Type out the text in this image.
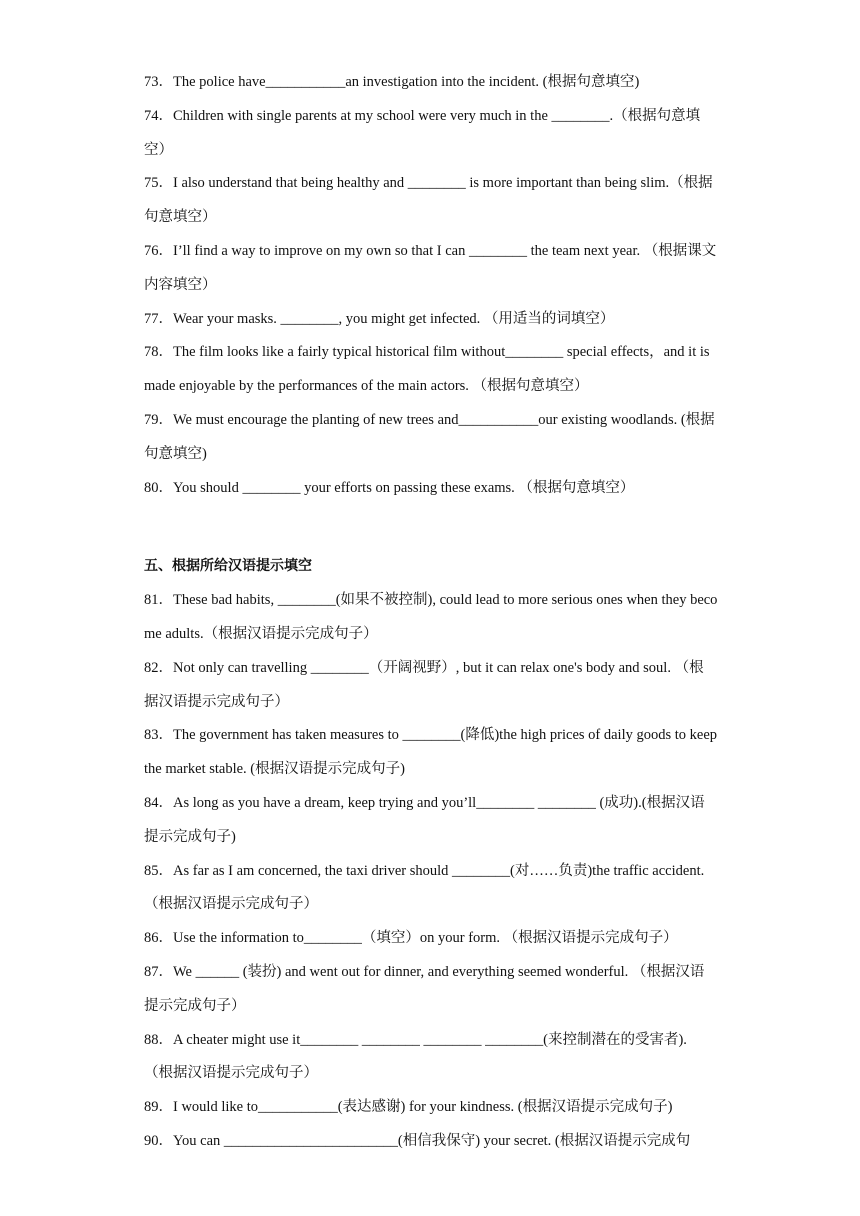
73．The police have___________an investigation into the incident. (根据句意填空)

74．Children with single parents at my school were very much in the ________.（根据句意填空）

75．I also understand that being healthy and ________ is more important than being slim.（根据句意填空）

76．I’ll find a way to improve on my own so that I can ________ the team next year. （根据课文内容填空）

77．Wear your masks. ________, you might get infected. （用适当的词填空）

78．The film looks like a fairly typical historical film without________ special effects，and it is made enjoyable by the performances of the main actors. （根据句意填空）

79．We must encourage the planting of new trees and___________our existing woodlands. (根据句意填空)

80．You should ________ your efforts on passing these exams. （根据句意填空）

五、根据所给汉语提示填空

81．These bad habits, ________(如果不被控制), could lead to more serious ones when they become adults.（根据汉语提示完成句子）

82．Not only can travelling ________（开阔视野）, but it can relax one's body and soul. （根据汉语提示完成句子）

83．The government has taken measures to ________(降低)the high prices of daily goods to keep the market stable. (根据汉语提示完成句子)

84．As long as you have a dream, keep trying and you’ll________ ________ (成功).(根据汉语提示完成句子)

85．As far as I am concerned, the taxi driver should ________(对……负责)the traffic accident. （根据汉语提示完成句子）

86．Use the information to________（填空）on your form. （根据汉语提示完成句子）

87．We ______ (装扮) and went out for dinner, and everything seemed wonderful. （根据汉语提示完成句子）

88．A cheater might use it________ ________ ________ ________(来控制潜在的受害者). （根据汉语提示完成句子）

89．I would like to___________(表达感谢) for your kindness. (根据汉语提示完成句子)

90．You can ________________________(相信我保守) your secret. (根据汉语提示完成句
